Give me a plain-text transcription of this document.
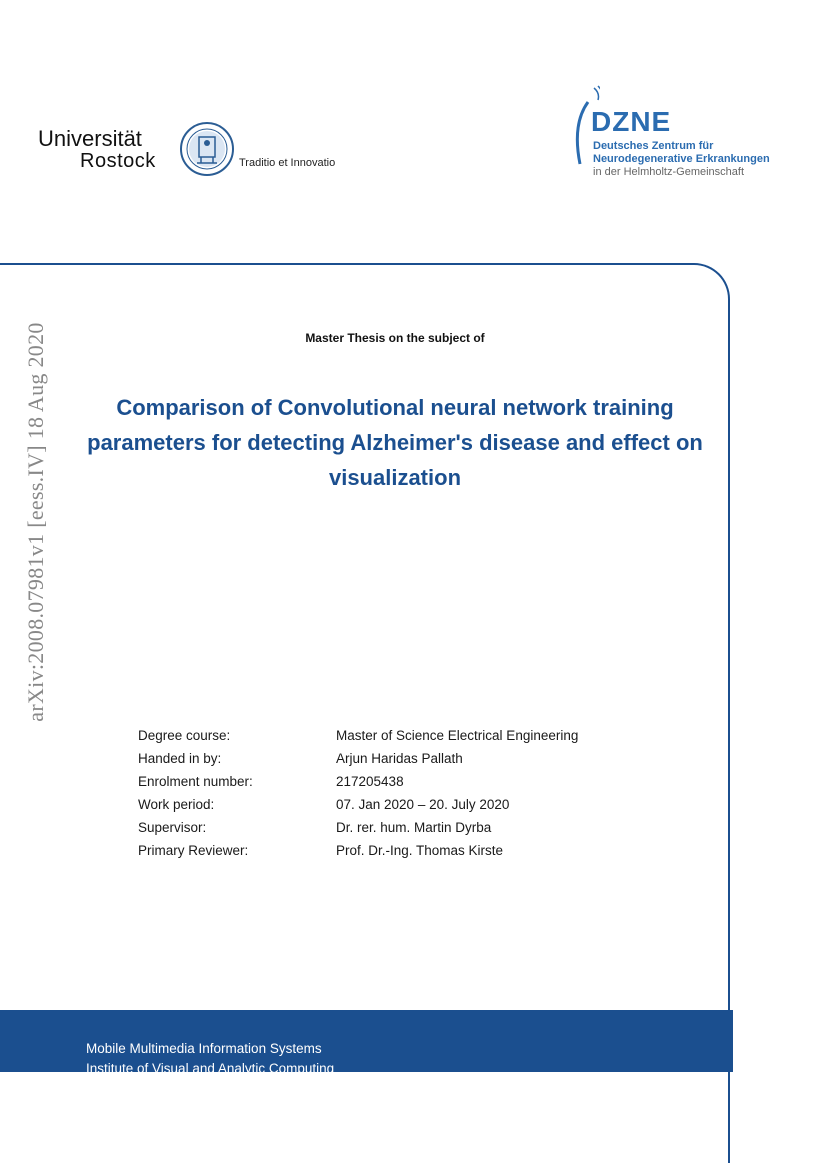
Universität
Rostock	Traditio et Innovatio
DZNE
Deutsches Zentrum für
Neurodegenerative Erkrankungen
in der Helmholtz-Gemeinschaft
arXiv:2008.07981v1 [eess.IV] 18 Aug 2020	Master Thesis on the subject of
Comparison of Convolutional neural network training
parameters for detecting Alzheimer's disease and effect on
visualization
Degree course:	Master of Science Electrical Engineering
Handed in by:	Arjun Haridas Pallath
Enrolment number:	217205438
Work period:	07. Jan 2020 – 20. July 2020
Supervisor:	Dr. rer. hum. Martin Dyrba
Primary Reviewer:	Prof. Dr.-Ing. Thomas Kirste
Mobile Multimedia Information Systems
Institute of Visual and Analytic Computing
